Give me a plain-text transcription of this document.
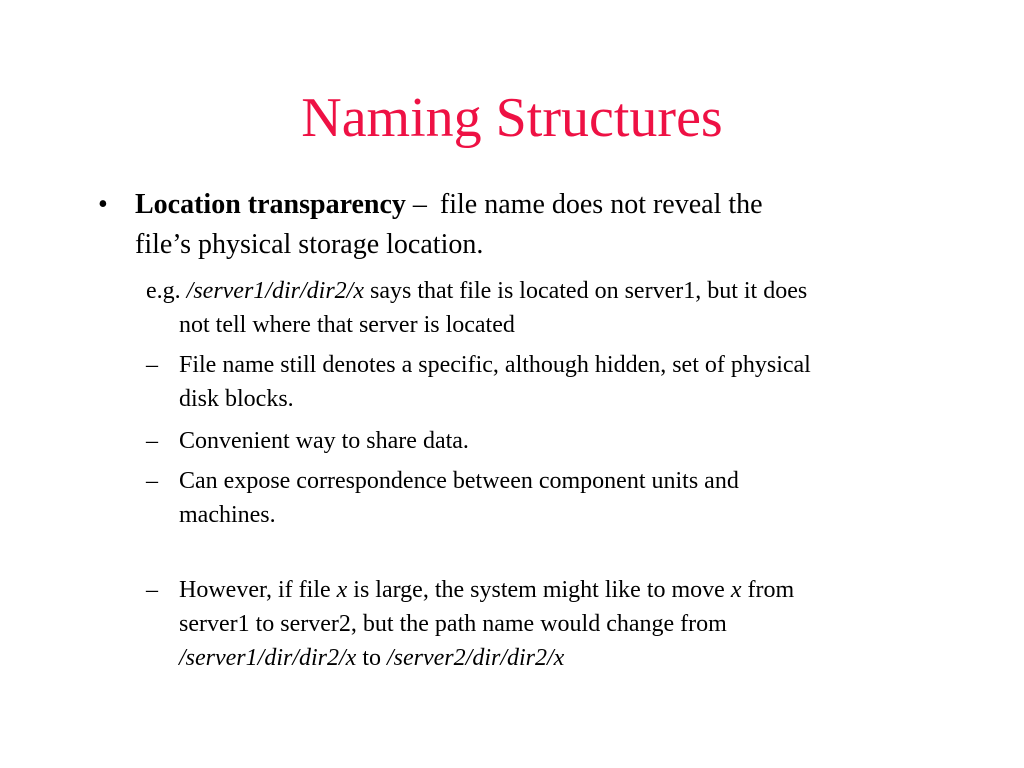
Naming Structures
• Location transparency – file name does not reveal the
file’s physical storage location.
e.g. /server1/dir/dir2/x says that file is located on server1, but it does
not tell where that server is located
– File name still denotes a specific, although hidden, set of physical
disk blocks.
– Convenient way to share data.
– Can expose correspondence between component units and
machines.
– However, if file x is large, the system might like to move x from
server1 to server2, but the path name would change from
/server1/dir/dir2/x to /server2/dir/dir2/x
